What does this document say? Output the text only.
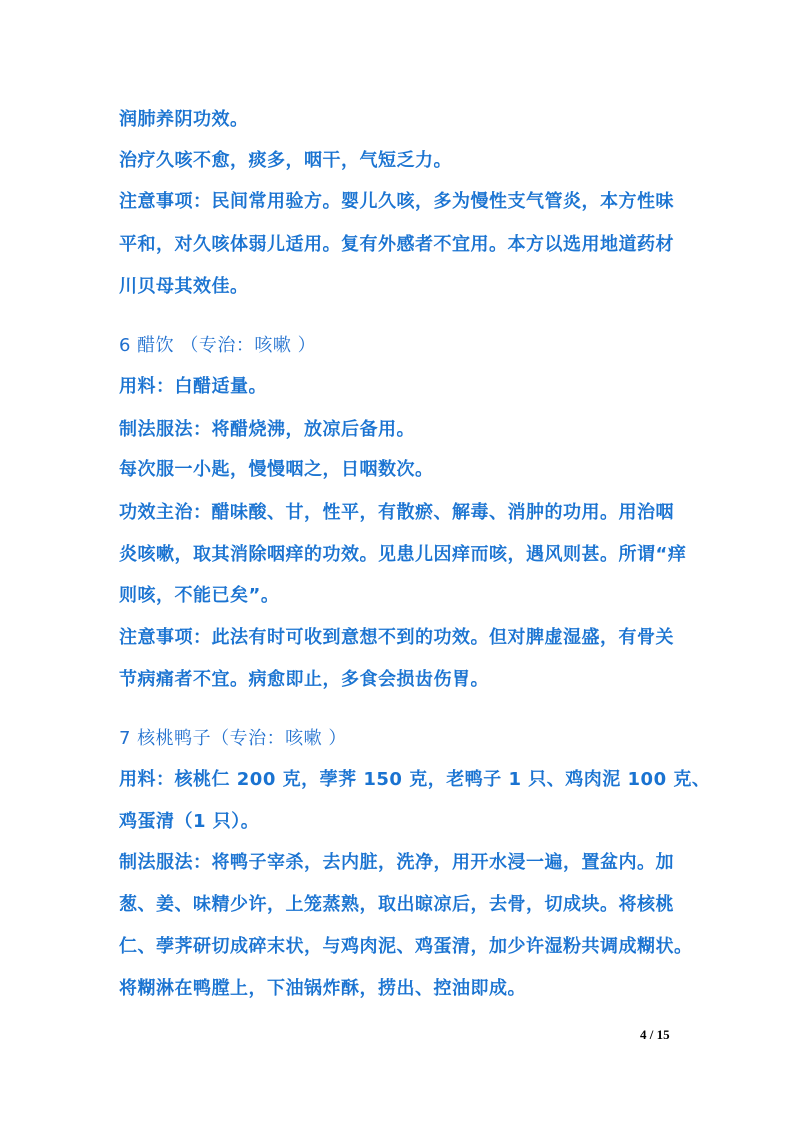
润肺养阴功效。
治疗久咳不愈，痰多，咽干，气短乏力。
注意事项：民间常用验方。婴儿久咳，多为慢性支气管炎，本方性味
平和，对久咳体弱儿适用。复有外感者不宜用。本方以选用地道药材
川贝母其效佳。
6 醋饮 （专治：咳嗽 ）
用料：白醋适量。
制法服法：将醋烧沸，放凉后备用。
每次服一小匙，慢慢咽之，日咽数次。
功效主治：醋味酸、甘，性平，有散瘀、解毒、消肿的功用。用治咽
炎咳嗽，取其消除咽痒的功效。见患儿因痒而咳，遇风则甚。所谓“痒
则咳，不能已矣”。
注意事项：此法有时可收到意想不到的功效。但对脾虚湿盛，有骨关
节病痛者不宜。病愈即止，多食会损齿伤胃。
7 核桃鸭子（专治：咳嗽 ）
用料：核桃仁 200 克，荸荠 150 克，老鸭子 1 只、鸡肉泥 100 克、
鸡蛋清（1 只）。
制法服法：将鸭子宰杀，去内脏，洗净，用开水浸一遍，置盆内。加
葱、姜、味精少许，上笼蒸熟，取出晾凉后，去骨，切成块。将核桃
仁、荸荠研切成碎末状，与鸡肉泥、鸡蛋清，加少许湿粉共调成糊状。
将糊淋在鸭膛上，下油锅炸酥，捞出、控油即成。
4 / 15
